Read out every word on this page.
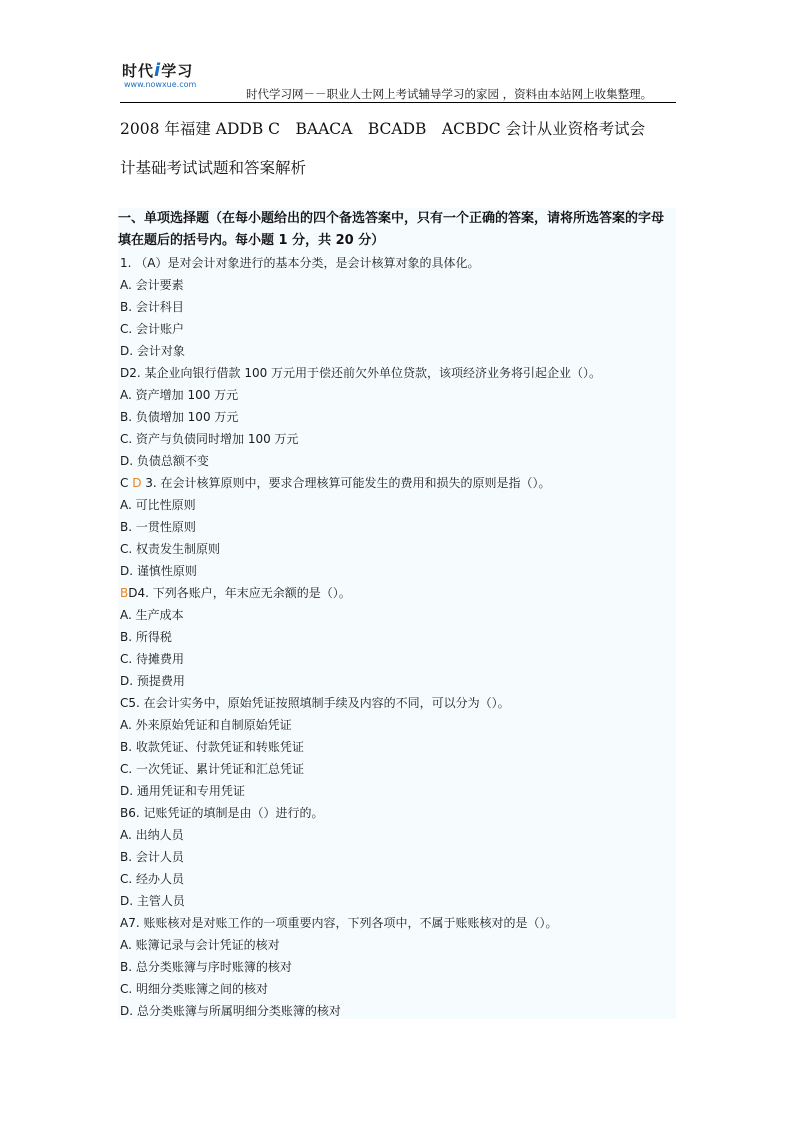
时代i学习
www.nowxue.com
时代学习网－－职业人士网上考试辅导学习的家园 ，资料由本站网上收集整理。
2008 年福建 ADDB C　BAACA　BCADB　ACBDC 会计从业资格考试会
计基础考试试题和答案解析
一、单项选择题（在每小题给出的四个备选答案中，只有一个正确的答案，请将所选答案的字母填在题后的括号内。每小题 1 分，共 20 分）
1. （A）是对会计对象进行的基本分类，是会计核算对象的具体化。
A. 会计要素
B. 会计科目
C. 会计账户
D. 会计对象
D2. 某企业向银行借款 100 万元用于偿还前欠外单位贷款，该项经济业务将引起企业（）。
A. 资产增加 100 万元
B. 负债增加 100 万元
C. 资产与负债同时增加 100 万元
D. 负债总额不变
C D 3. 在会计核算原则中，要求合理核算可能发生的费用和损失的原则是指（）。
A. 可比性原则
B. 一贯性原则
C. 权责发生制原则
D. 谨慎性原则
BD4. 下列各账户，年末应无余额的是（）。
A. 生产成本
B. 所得税
C. 待摊费用
D. 预提费用
C5. 在会计实务中，原始凭证按照填制手续及内容的不同，可以分为（）。
A. 外来原始凭证和自制原始凭证
B. 收款凭证、付款凭证和转账凭证
C. 一次凭证、累计凭证和汇总凭证
D. 通用凭证和专用凭证
B6. 记账凭证的填制是由（）进行的。
A. 出纳人员
B. 会计人员
C. 经办人员
D. 主管人员
A7. 账账核对是对账工作的一项重要内容，下列各项中，不属于账账核对的是（）。
A. 账簿记录与会计凭证的核对
B. 总分类账簿与序时账簿的核对
C. 明细分类账簿之间的核对
D. 总分类账簿与所属明细分类账簿的核对
